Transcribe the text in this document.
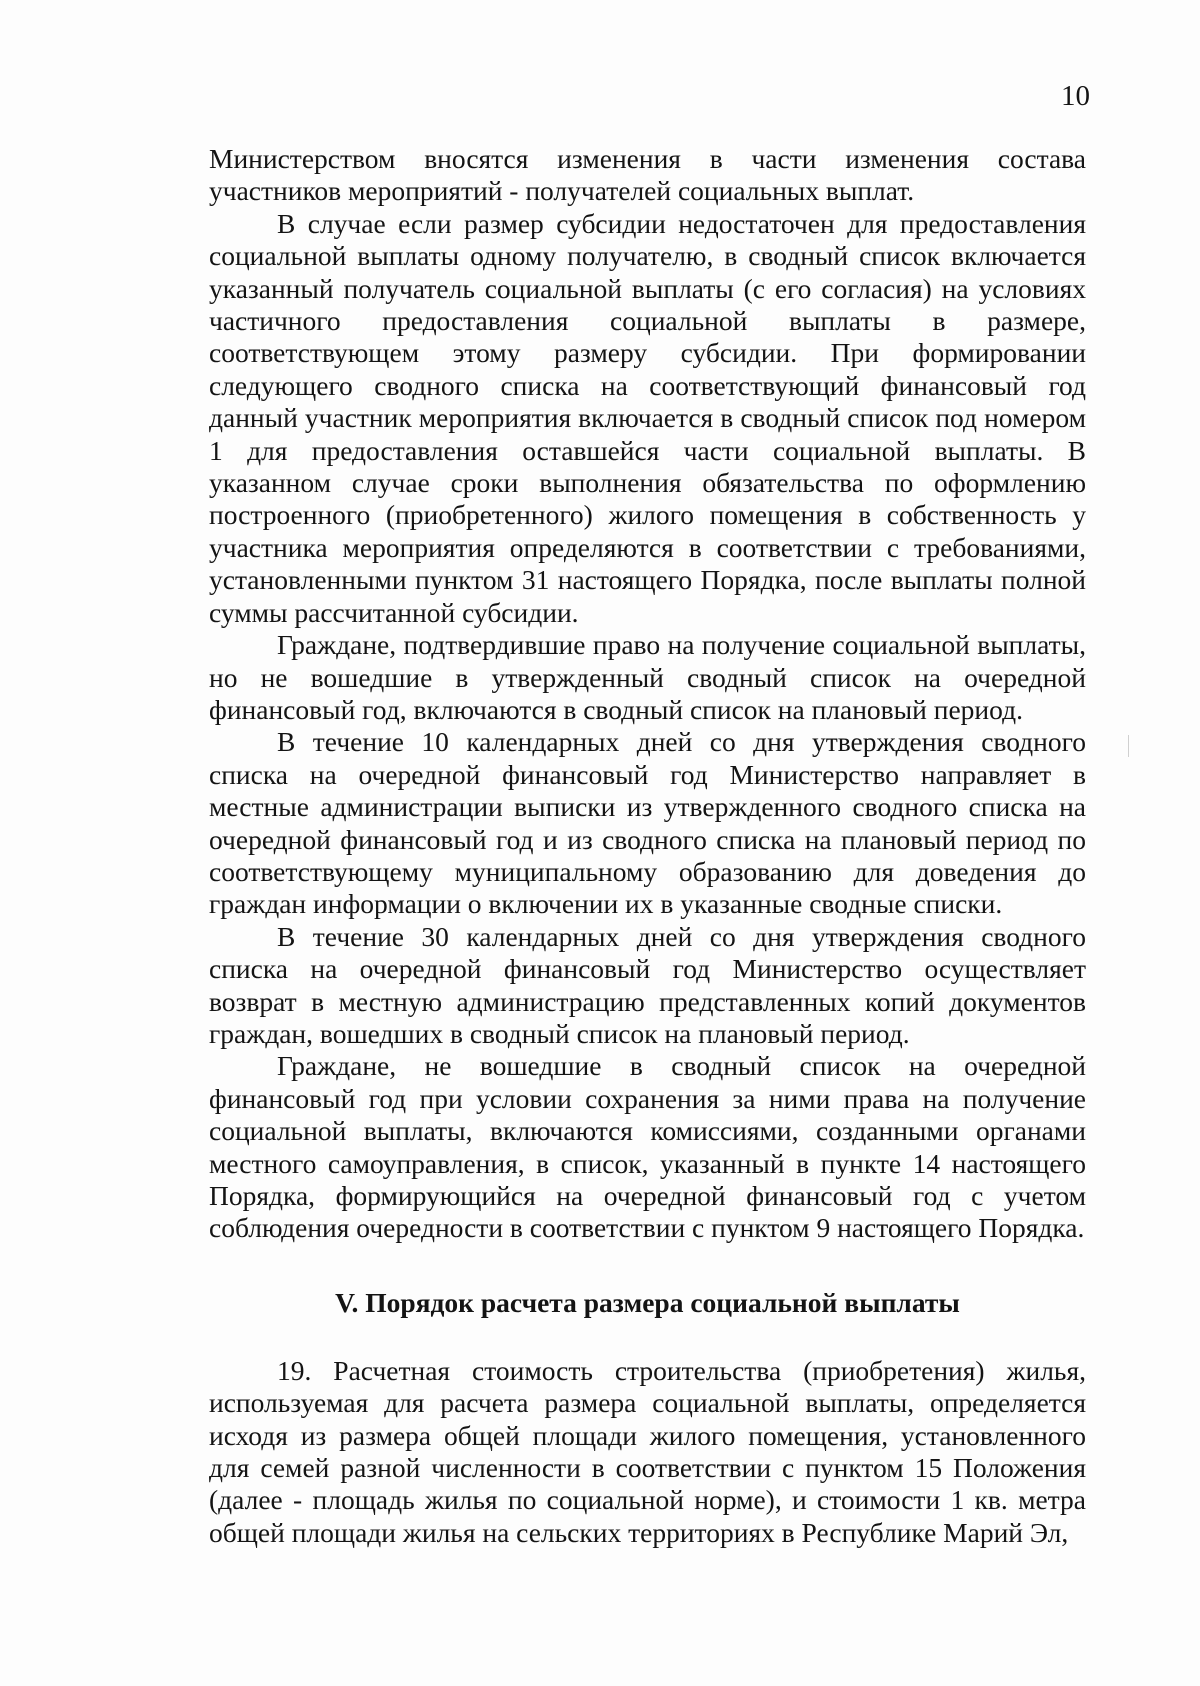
10

Министерством вносятся изменения в части изменения состава участников мероприятий - получателей социальных выплат.

В случае если размер субсидии недостаточен для предоставления социальной выплаты одному получателю, в сводный список включается указанный получатель социальной выплаты (с его согласия) на условиях частичного предоставления социальной выплаты в размере, соответствующем этому размеру субсидии. При формировании следующего сводного списка на соответствующий финансовый год данный участник мероприятия включается в сводный список под номером 1 для предоставления оставшейся части социальной выплаты. В указанном случае сроки выполнения обязательства по оформлению построенного (приобретенного) жилого помещения в собственность у участника мероприятия определяются в соответствии с требованиями, установленными пунктом 31 настоящего Порядка, после выплаты полной суммы рассчитанной субсидии.

Граждане, подтвердившие право на получение социальной выплаты, но не вошедшие в утвержденный сводный список на очередной финансовый год, включаются в сводный список на плановый период.

В течение 10 календарных дней со дня утверждения сводного списка на очередной финансовый год Министерство направляет в местные администрации выписки из утвержденного сводного списка на очередной финансовый год и из сводного списка на плановый период по соответствующему муниципальному образованию для доведения до граждан информации о включении их в указанные сводные списки.

В течение 30 календарных дней со дня утверждения сводного списка на очередной финансовый год Министерство осуществляет возврат в местную администрацию представленных копий документов граждан, вошедших в сводный список на плановый период.

Граждане, не вошедшие в сводный список на очередной финансовый год при условии сохранения за ними права на получение социальной выплаты, включаются комиссиями, созданными органами местного самоуправления, в список, указанный в пункте 14 настоящего Порядка, формирующийся на очередной финансовый год с учетом соблюдения очередности в соответствии с пунктом 9 настоящего Порядка.

V. Порядок расчета размера социальной выплаты

19. Расчетная стоимость строительства (приобретения) жилья, используемая для расчета размера социальной выплаты, определяется исходя из размера общей площади жилого помещения, установленного для семей разной численности в соответствии с пунктом 15 Положения (далее - площадь жилья по социальной норме), и стоимости 1 кв. метра общей площади жилья на сельских территориях в Республике Марий Эл,
